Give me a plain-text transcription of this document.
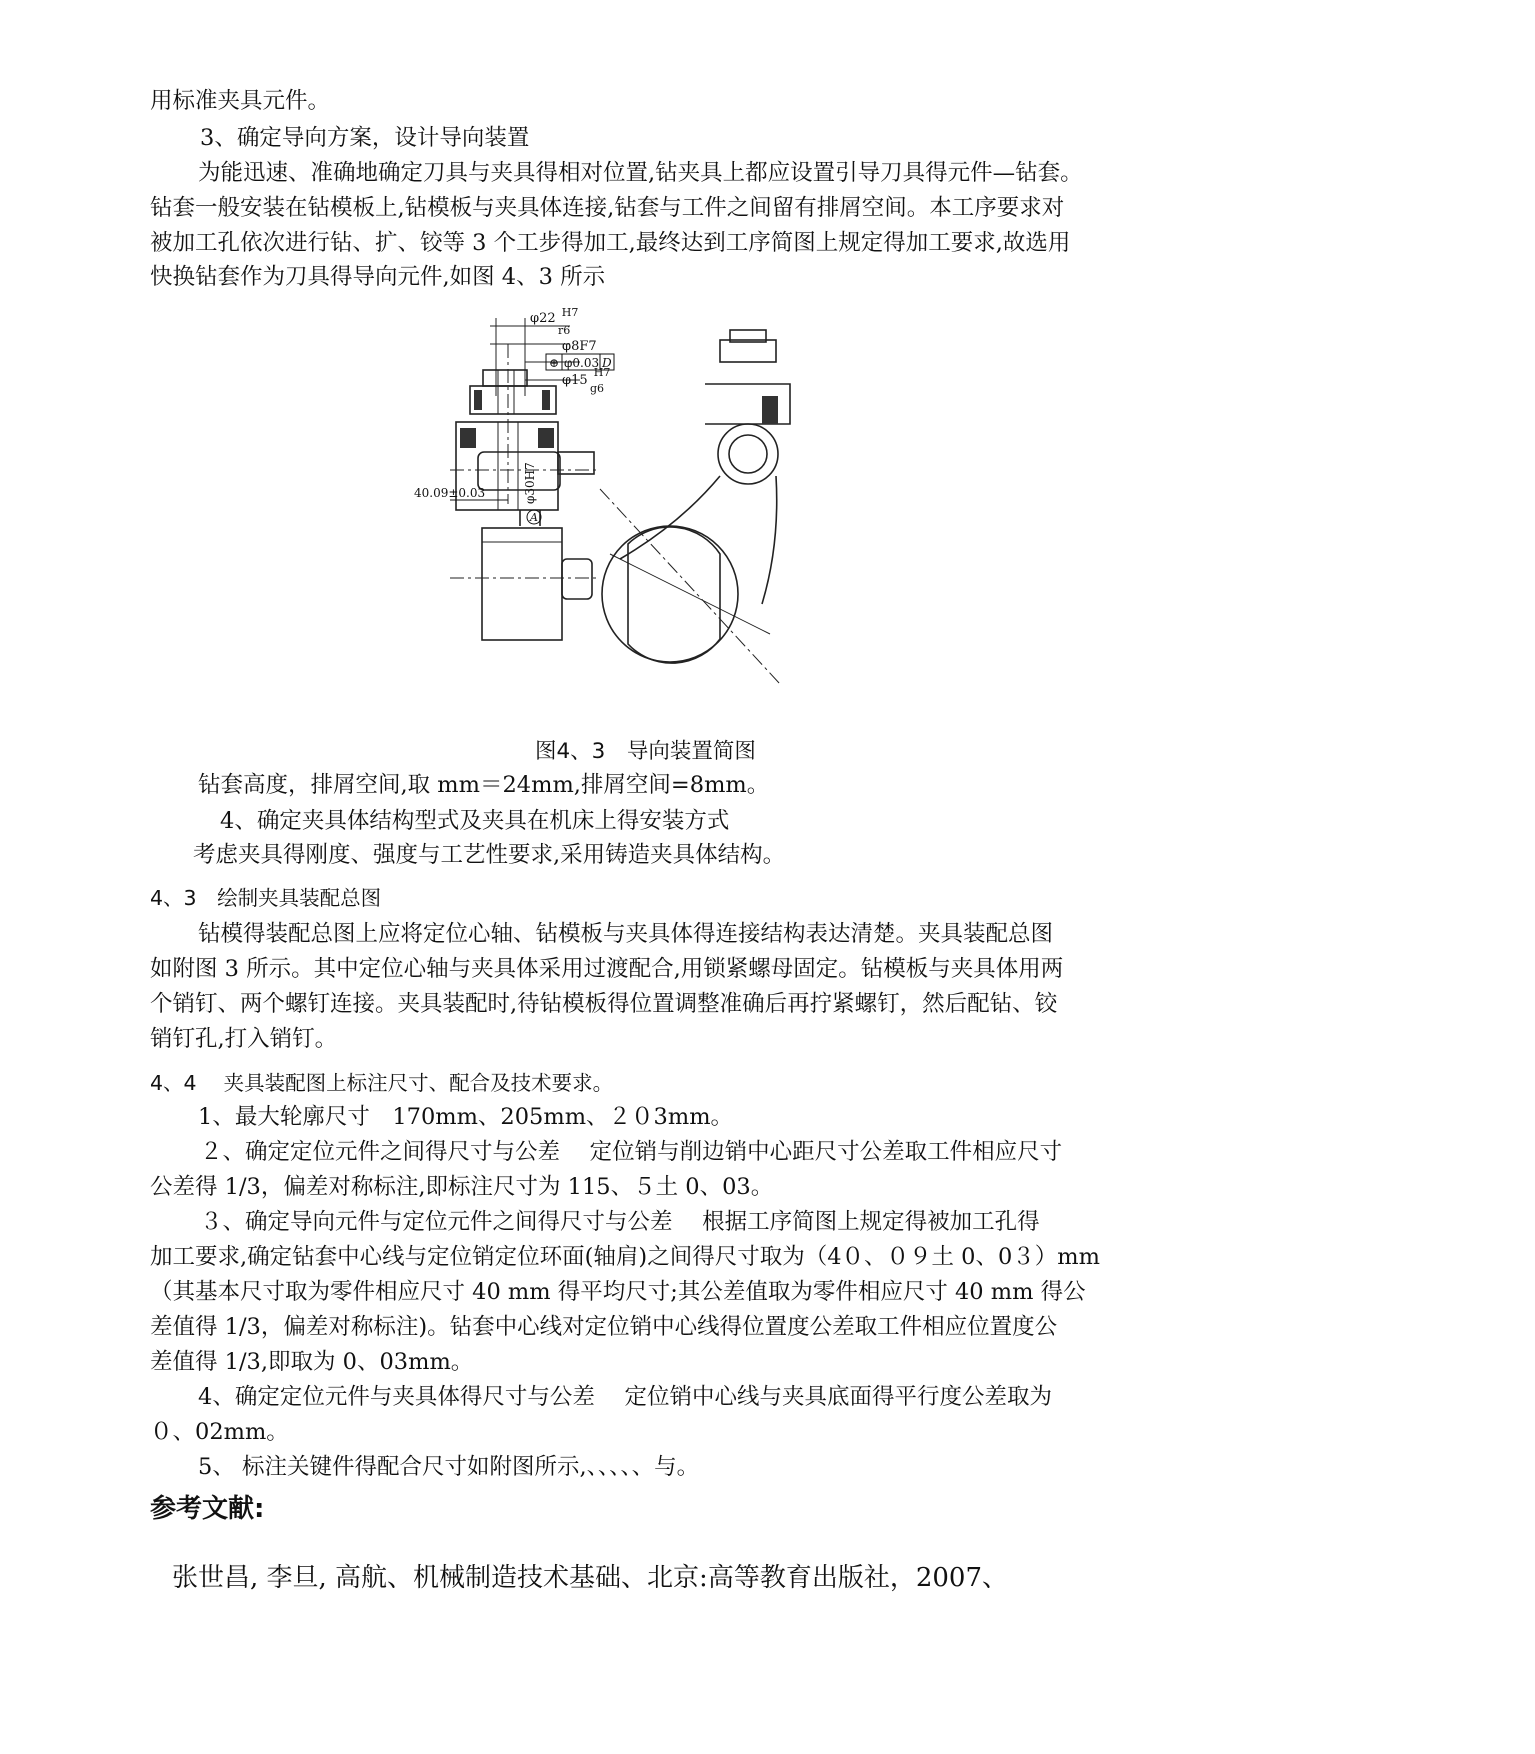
用标准夹具元件。
3、确定导向方案，设计导向装置
为能迅速、准确地确定刀具与夹具得相对位置,钻夹具上都应设置引导刀具得元件—钻套。
钻套一般安装在钻模板上,钻模板与夹具体连接,钻套与工件之间留有排屑空间。本工序要求对
被加工孔依次进行钻、扩、铰等 3 个工步得加工,最终达到工序简图上规定得加工要求,故选用
快换钻套作为刀具得导向元件,如图 4、3 所示
φ22 $^{H7}$
r6
φ8F7
⊕ φ0.03 D
φ15 $^{H7}$
g6
φ30H7
40.09±0.03
A
图4、3　导向装置简图
钻套高度，排屑空间,取 mm＝24mm,排屑空间=8mm。
4、确定夹具体结构型式及夹具在机床上得安装方式
考虑夹具得刚度、强度与工艺性要求,采用铸造夹具体结构。
4、3　绘制夹具装配总图
钻模得装配总图上应将定位心轴、钻模板与夹具体得连接结构表达清楚。夹具装配总图
如附图 3 所示。其中定位心轴与夹具体采用过渡配合,用锁紧螺母固定。钻模板与夹具体用两
个销钉、两个螺钉连接。夹具装配时,待钻模板得位置调整准确后再拧紧螺钉，然后配钻、铰
销钉孔,打入销钉。
4、4　 夹具装配图上标注尺寸、配合及技术要求。
1、最大轮廓尺寸　170mm、205mm、２０3mm。
２、确定定位元件之间得尺寸与公差　 定位销与削边销中心距尺寸公差取工件相应尺寸
公差得 1/3，偏差对称标注,即标注尺寸为 115、５土 0、03。
３、确定导向元件与定位元件之间得尺寸与公差　 根据工序简图上规定得被加工孔得
加工要求,确定钻套中心线与定位销定位环面(轴肩)之间得尺寸取为（4０、０９土 0、0３）mm
（其基本尺寸取为零件相应尺寸 40 mm 得平均尺寸;其公差值取为零件相应尺寸 40 mm 得公
差值得 1/3，偏差对称标注)。钻套中心线对定位销中心线得位置度公差取工件相应位置度公
差值得 1/3,即取为 0、03mm。
4、确定定位元件与夹具体得尺寸与公差　 定位销中心线与夹具底面得平行度公差取为
０、02mm。
5、 标注关键件得配合尺寸如附图所示,、、、、、与。
参考文献:
张世昌, 李旦, 高航、机械制造技术基础、北京:高等教育出版社，2007、
